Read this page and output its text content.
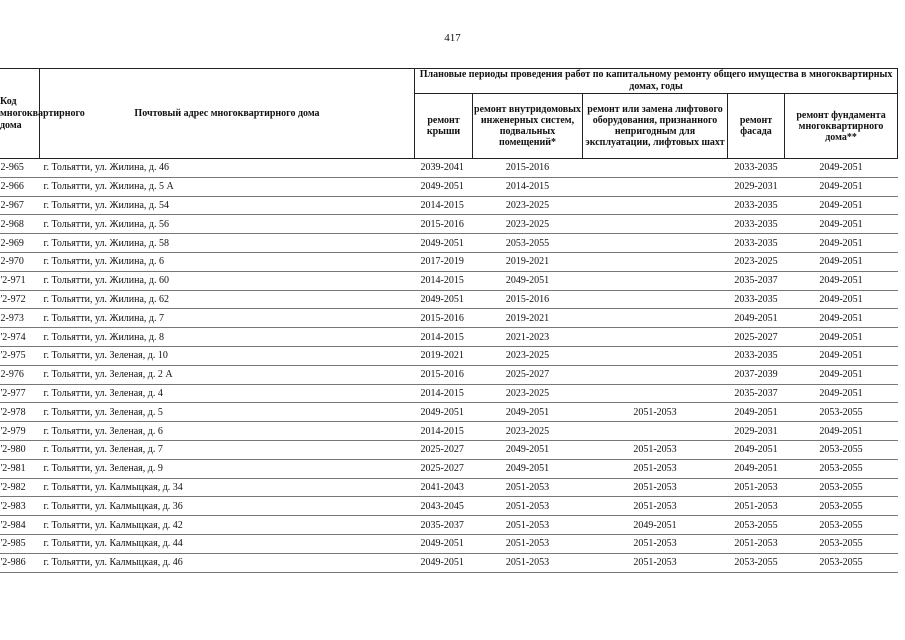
417
Код многоквартирного дома	Почтовый адрес многоквартирного дома	Плановые периоды проведения работ по капитальному ремонту общего имущества в многоквартирных домах, годы				
		ремонт крыши	ремонт внутридомовых инженерных систем, подвальных помещений*	ремонт или замена лифтового оборудования, признанного непригодным для эксплуатации, лифтовых шахт	ремонт фасада	ремонт фундамента многоквартирного дома**
2-965	г. Тольятти, ул. Жилина, д. 46	2039-2041	2015-2016		2033-2035	2049-2051
2-966	г. Тольятти, ул. Жилина, д. 5 А	2049-2051	2014-2015		2029-2031	2049-2051
2-967	г. Тольятти, ул. Жилина, д. 54	2014-2015	2023-2025		2033-2035	2049-2051
2-968	г. Тольятти, ул. Жилина, д. 56	2015-2016	2023-2025		2033-2035	2049-2051
2-969	г. Тольятти, ул. Жилина, д. 58	2049-2051	2053-2055		2033-2035	2049-2051
2-970	г. Тольятти, ул. Жилина, д. 6	2017-2019	2019-2021		2023-2025	2049-2051
'2-971	г. Тольятти, ул. Жилина, д. 60	2014-2015	2049-2051		2035-2037	2049-2051
'2-972	г. Тольятти, ул. Жилина, д. 62	2049-2051	2015-2016		2033-2035	2049-2051
2-973	г. Тольятти, ул. Жилина, д. 7	2015-2016	2019-2021		2049-2051	2049-2051
'2-974	г. Тольятти, ул. Жилина, д. 8	2014-2015	2021-2023		2025-2027	2049-2051
'2-975	г. Тольятти, ул. Зеленая, д. 10	2019-2021	2023-2025		2033-2035	2049-2051
2-976	г. Тольятти, ул. Зеленая, д. 2 А	2015-2016	2025-2027		2037-2039	2049-2051
'2-977	г. Тольятти, ул. Зеленая, д. 4	2014-2015	2023-2025		2035-2037	2049-2051
'2-978	г. Тольятти, ул. Зеленая, д. 5	2049-2051	2049-2051	2051-2053	2049-2051	2053-2055
'2-979	г. Тольятти, ул. Зеленая, д. 6	2014-2015	2023-2025		2029-2031	2049-2051
'2-980	г. Тольятти, ул. Зеленая, д. 7	2025-2027	2049-2051	2051-2053	2049-2051	2053-2055
'2-981	г. Тольятти, ул. Зеленая, д. 9	2025-2027	2049-2051	2051-2053	2049-2051	2053-2055
'2-982	г. Тольятти, ул. Калмыцкая, д. 34	2041-2043	2051-2053	2051-2053	2051-2053	2053-2055
'2-983	г. Тольятти, ул. Калмыцкая, д. 36	2043-2045	2051-2053	2051-2053	2051-2053	2053-2055
'2-984	г. Тольятти, ул. Калмыцкая, д. 42	2035-2037	2051-2053	2049-2051	2053-2055	2053-2055
'2-985	г. Тольятти, ул. Калмыцкая, д. 44	2049-2051	2051-2053	2051-2053	2051-2053	2053-2055
'2-986	г. Тольятти, ул. Калмыцкая, д. 46	2049-2051	2051-2053	2051-2053	2053-2055	2053-2055
